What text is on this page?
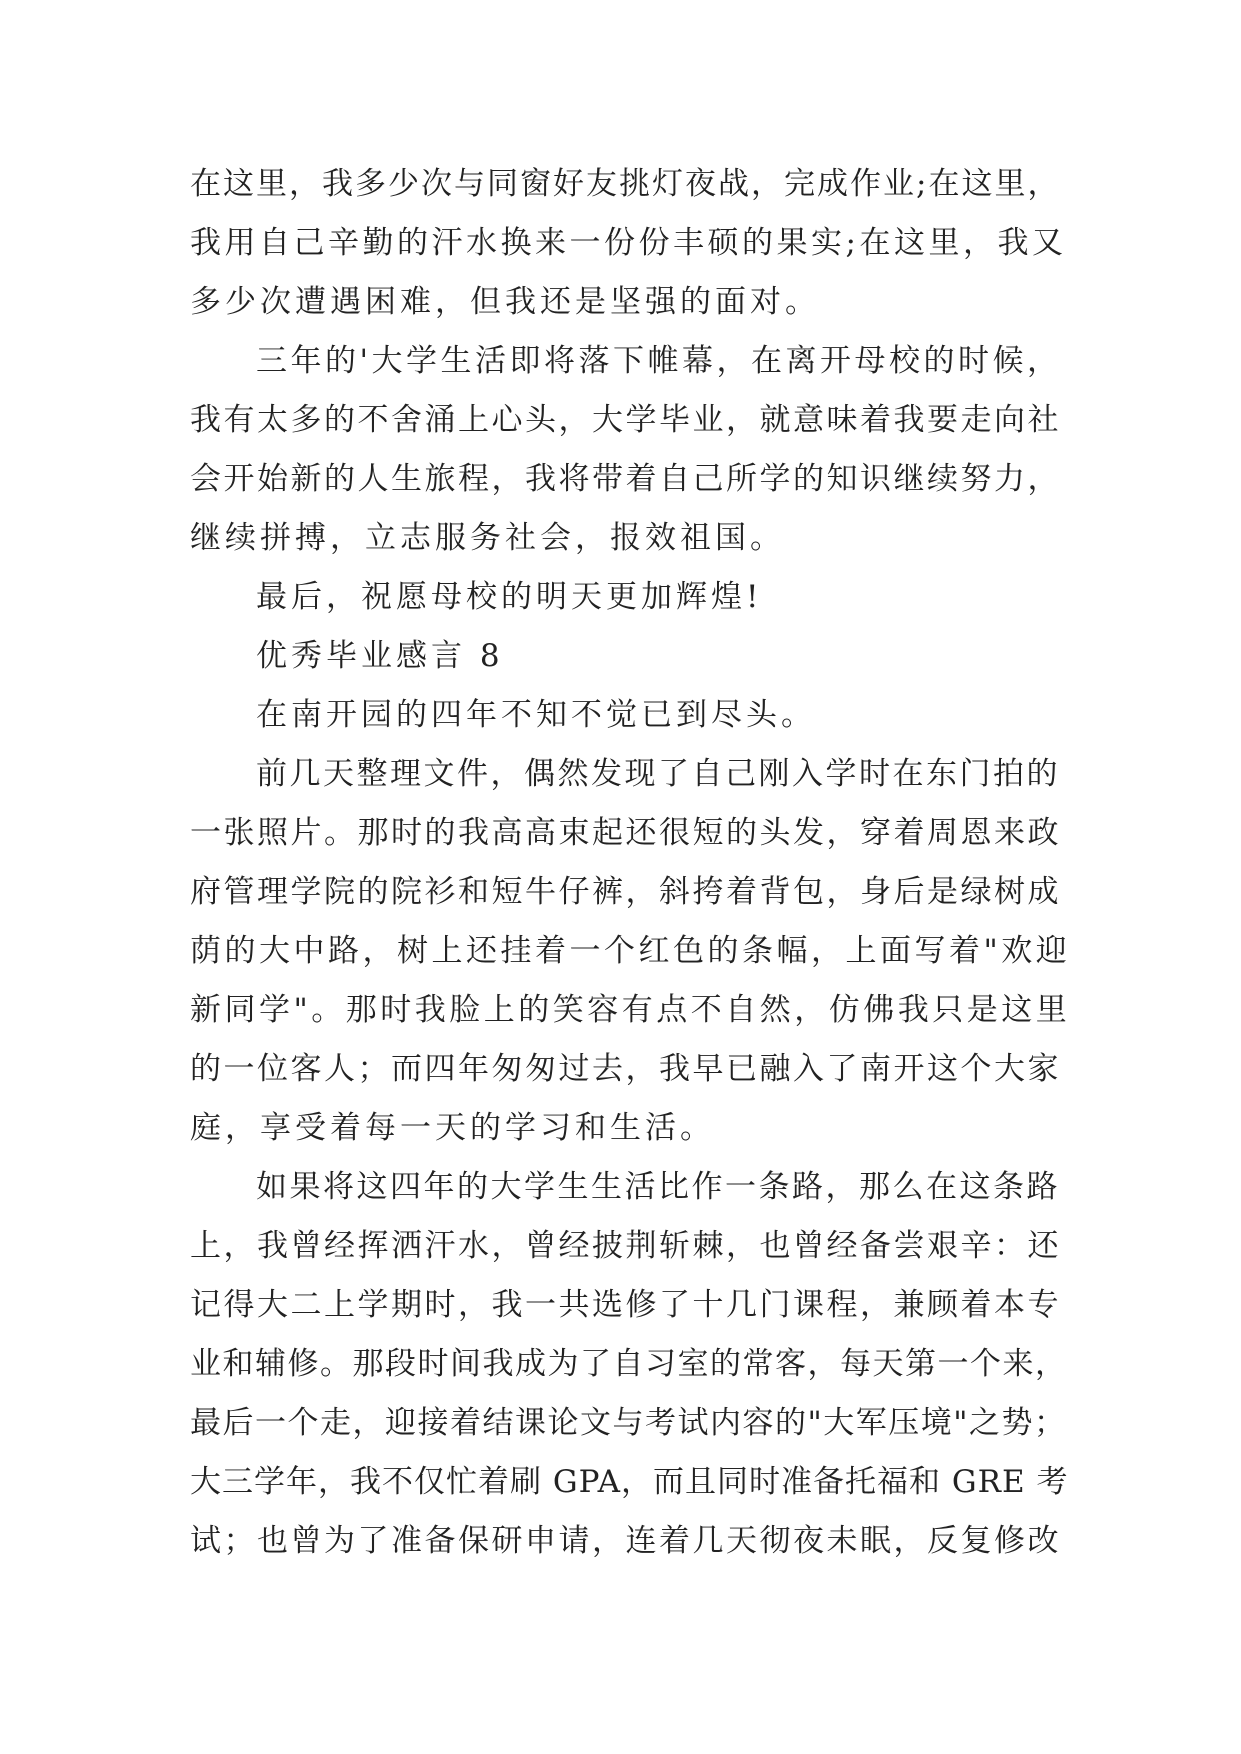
在这里，我多少次与同窗好友挑灯夜战，完成作业;在这里，
我用自己辛勤的汗水换来一份份丰硕的果实;在这里，我又
多少次遭遇困难，但我还是坚强的面对。
三年的'大学生活即将落下帷幕，在离开母校的时候，
我有太多的不舍涌上心头，大学毕业，就意味着我要走向社
会开始新的人生旅程，我将带着自己所学的知识继续努力，
继续拼搏，立志服务社会，报效祖国。
最后，祝愿母校的明天更加辉煌!
优秀毕业感言 8
在南开园的四年不知不觉已到尽头。
前几天整理文件，偶然发现了自己刚入学时在东门拍的
一张照片。那时的我高高束起还很短的头发，穿着周恩来政
府管理学院的院衫和短牛仔裤，斜挎着背包，身后是绿树成
荫的大中路，树上还挂着一个红色的条幅，上面写着"欢迎
新同学"。那时我脸上的笑容有点不自然，仿佛我只是这里
的一位客人；而四年匆匆过去，我早已融入了南开这个大家
庭，享受着每一天的学习和生活。
如果将这四年的大学生生活比作一条路，那么在这条路
上，我曾经挥洒汗水，曾经披荆斩棘，也曾经备尝艰辛：还
记得大二上学期时，我一共选修了十几门课程，兼顾着本专
业和辅修。那段时间我成为了自习室的常客，每天第一个来，
最后一个走，迎接着结课论文与考试内容的"大军压境"之势；
大三学年，我不仅忙着刷 GPA，而且同时准备托福和 GRE 考
试；也曾为了准备保研申请，连着几天彻夜未眠，反复修改
